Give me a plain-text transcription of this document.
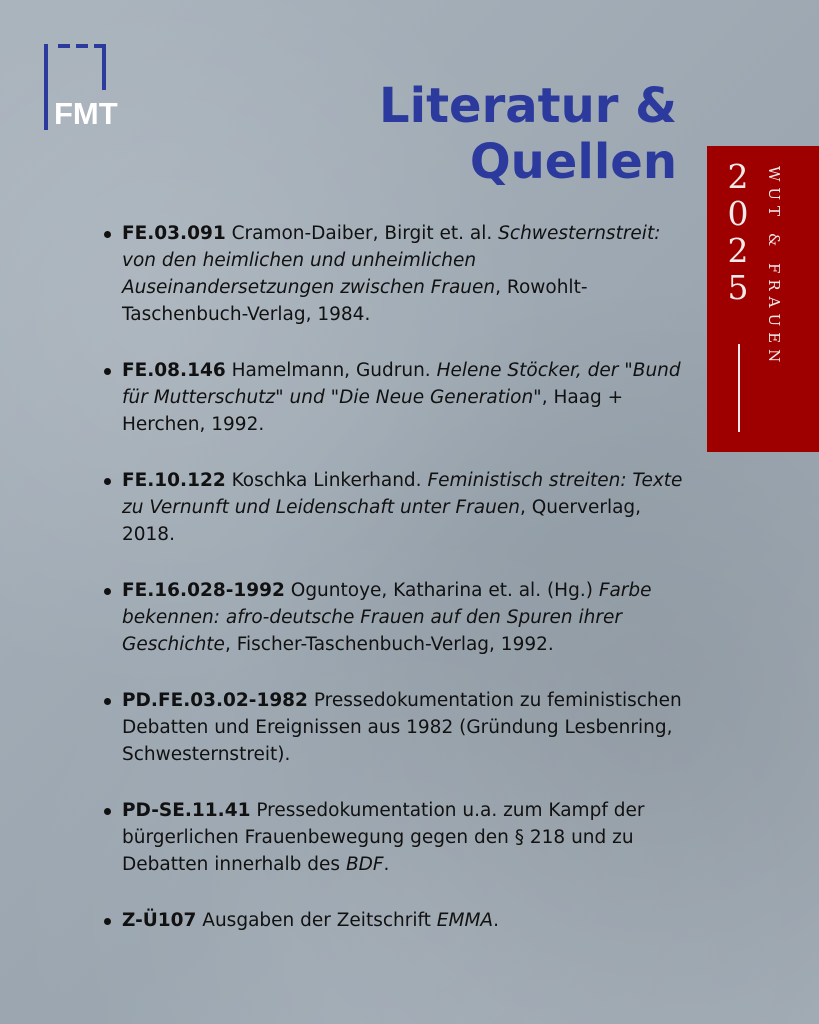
FMT	Literatur &
Quellen 2
0
2
5	WUT & FRAUEN
FE.03.091 Cramon-Daiber, Birgit et. al. Schwesternstreit: von den heimlichen und unheimlichen Auseinandersetzungen zwischen Frauen, Rowohlt-Taschenbuch-Verlag, 1984.
FE.08.146 Hamelmann, Gudrun. Helene Stöcker, der "Bund für Mutterschutz" und "Die Neue Generation", Haag + Herchen, 1992.
FE.10.122 Koschka Linkerhand. Feministisch streiten: Texte zu Vernunft und Leidenschaft unter Frauen, Querverlag, 2018.
FE.16.028-1992 Oguntoye, Katharina et. al. (Hg.) Farbe bekennen: afro-deutsche Frauen auf den Spuren ihrer Geschichte, Fischer-Taschenbuch-Verlag, 1992.
PD.FE.03.02-1982 Pressedokumentation zu feministischen Debatten und Ereignissen aus 1982 (Gründung Lesbenring, Schwesternstreit).
PD-SE.11.41 Pressedokumentation u.a. zum Kampf der bürgerlichen Frauenbewegung gegen den § 218 und zu Debatten innerhalb des BDF.
Z-Ü107 Ausgaben der Zeitschrift EMMA.
